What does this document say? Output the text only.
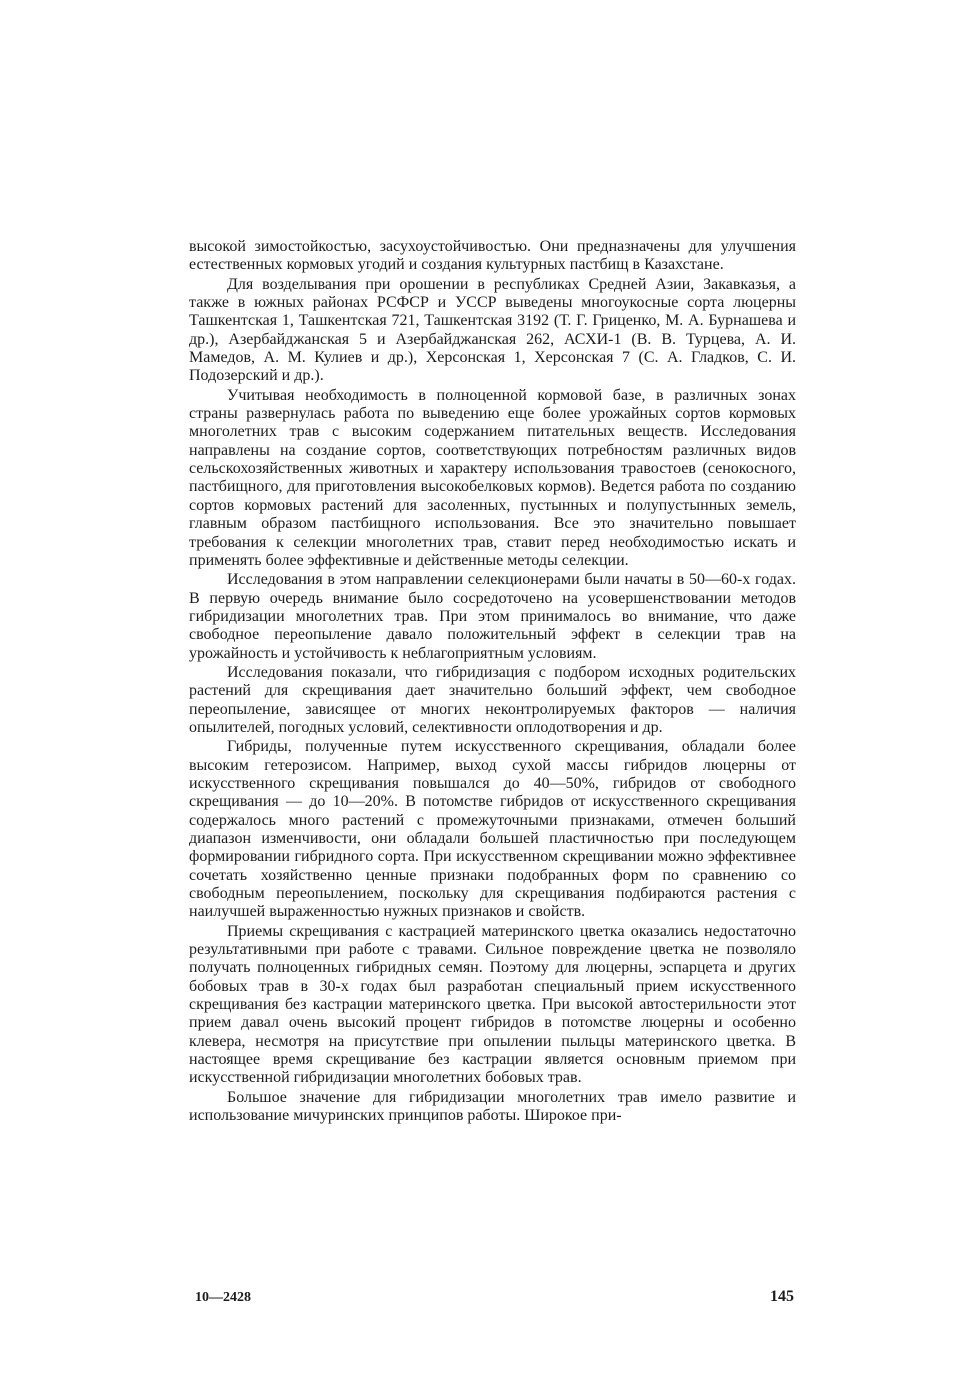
высокой зимостойкостью, засухоустойчивостью. Они предназначены для улучшения естественных кормовых угодий и создания культурных пастбищ в Казахстане.

Для возделывания при орошении в республиках Средней Азии, Закавказья, а также в южных районах РСФСР и УССР выведены многоукосные сорта люцерны Ташкентская 1, Ташкентская 721, Ташкентская 3192 (Т. Г. Гриценко, М. А. Бурнашева и др.), Азербайджанская 5 и Азербайджанская 262, АСХИ-1 (В. В. Турцева, А. И. Мамедов, А. М. Кулиев и др.), Херсонская 1, Херсонская 7 (С. А. Гладков, С. И. Подозерский и др.).

Учитывая необходимость в полноценной кормовой базе, в различных зонах страны развернулась работа по выведению еще более урожайных сортов кормовых многолетних трав с высоким содержанием питательных веществ. Исследования направлены на создание сортов, соответствующих потребностям различных видов сельскохозяйственных животных и характеру использования травостоев (сенокосного, пастбищного, для приготовления высокобелковых кормов). Ведется работа по созданию сортов кормовых растений для засоленных, пустынных и полупустынных земель, главным образом пастбищного использования. Все это значительно повышает требования к селекции многолетних трав, ставит перед необходимостью искать и применять более эффективные и действенные методы селекции.

Исследования в этом направлении селекционерами были начаты в 50—60-х годах. В первую очередь внимание было сосредоточено на усовершенствовании методов гибридизации многолетних трав. При этом принималось во внимание, что даже свободное переопыление давало положительный эффект в селекции трав на урожайность и устойчивость к неблагоприятным условиям.

Исследования показали, что гибридизация с подбором исходных родительских растений для скрещивания дает значительно больший эффект, чем свободное переопыление, зависящее от многих неконтролируемых факторов — наличия опылителей, погодных условий, селективности оплодотворения и др.

Гибриды, полученные путем искусственного скрещивания, обладали более высоким гетерозисом. Например, выход сухой массы гибридов люцерны от искусственного скрещивания повышался до 40—50%, гибридов от свободного скрещивания — до 10—20%. В потомстве гибридов от искусственного скрещивания содержалось много растений с промежуточными признаками, отмечен больший диапазон изменчивости, они обладали большей пластичностью при последующем формировании гибридного сорта. При искусственном скрещивании можно эффективнее сочетать хозяйственно ценные признаки подобранных форм по сравнению со свободным переопылением, поскольку для скрещивания подбираются растения с наилучшей выраженностью нужных признаков и свойств.

Приемы скрещивания с кастрацией материнского цветка оказались недостаточно результативными при работе с травами. Сильное повреждение цветка не позволяло получать полноценных гибридных семян. Поэтому для люцерны, эспарцета и других бобовых трав в 30-х годах был разработан специальный прием искусственного скрещивания без кастрации материнского цветка. При высокой автостерильности этот прием давал очень высокий процент гибридов в потомстве люцерны и особенно клевера, несмотря на присутствие при опылении пыльцы материнского цветка. В настоящее время скрещивание без кастрации является основным приемом при искусственной гибридизации многолетних бобовых трав.

Большое значение для гибридизации многолетних трав имело развитие и использование мичуринских принципов работы. Широкое при-

10—2428	145
